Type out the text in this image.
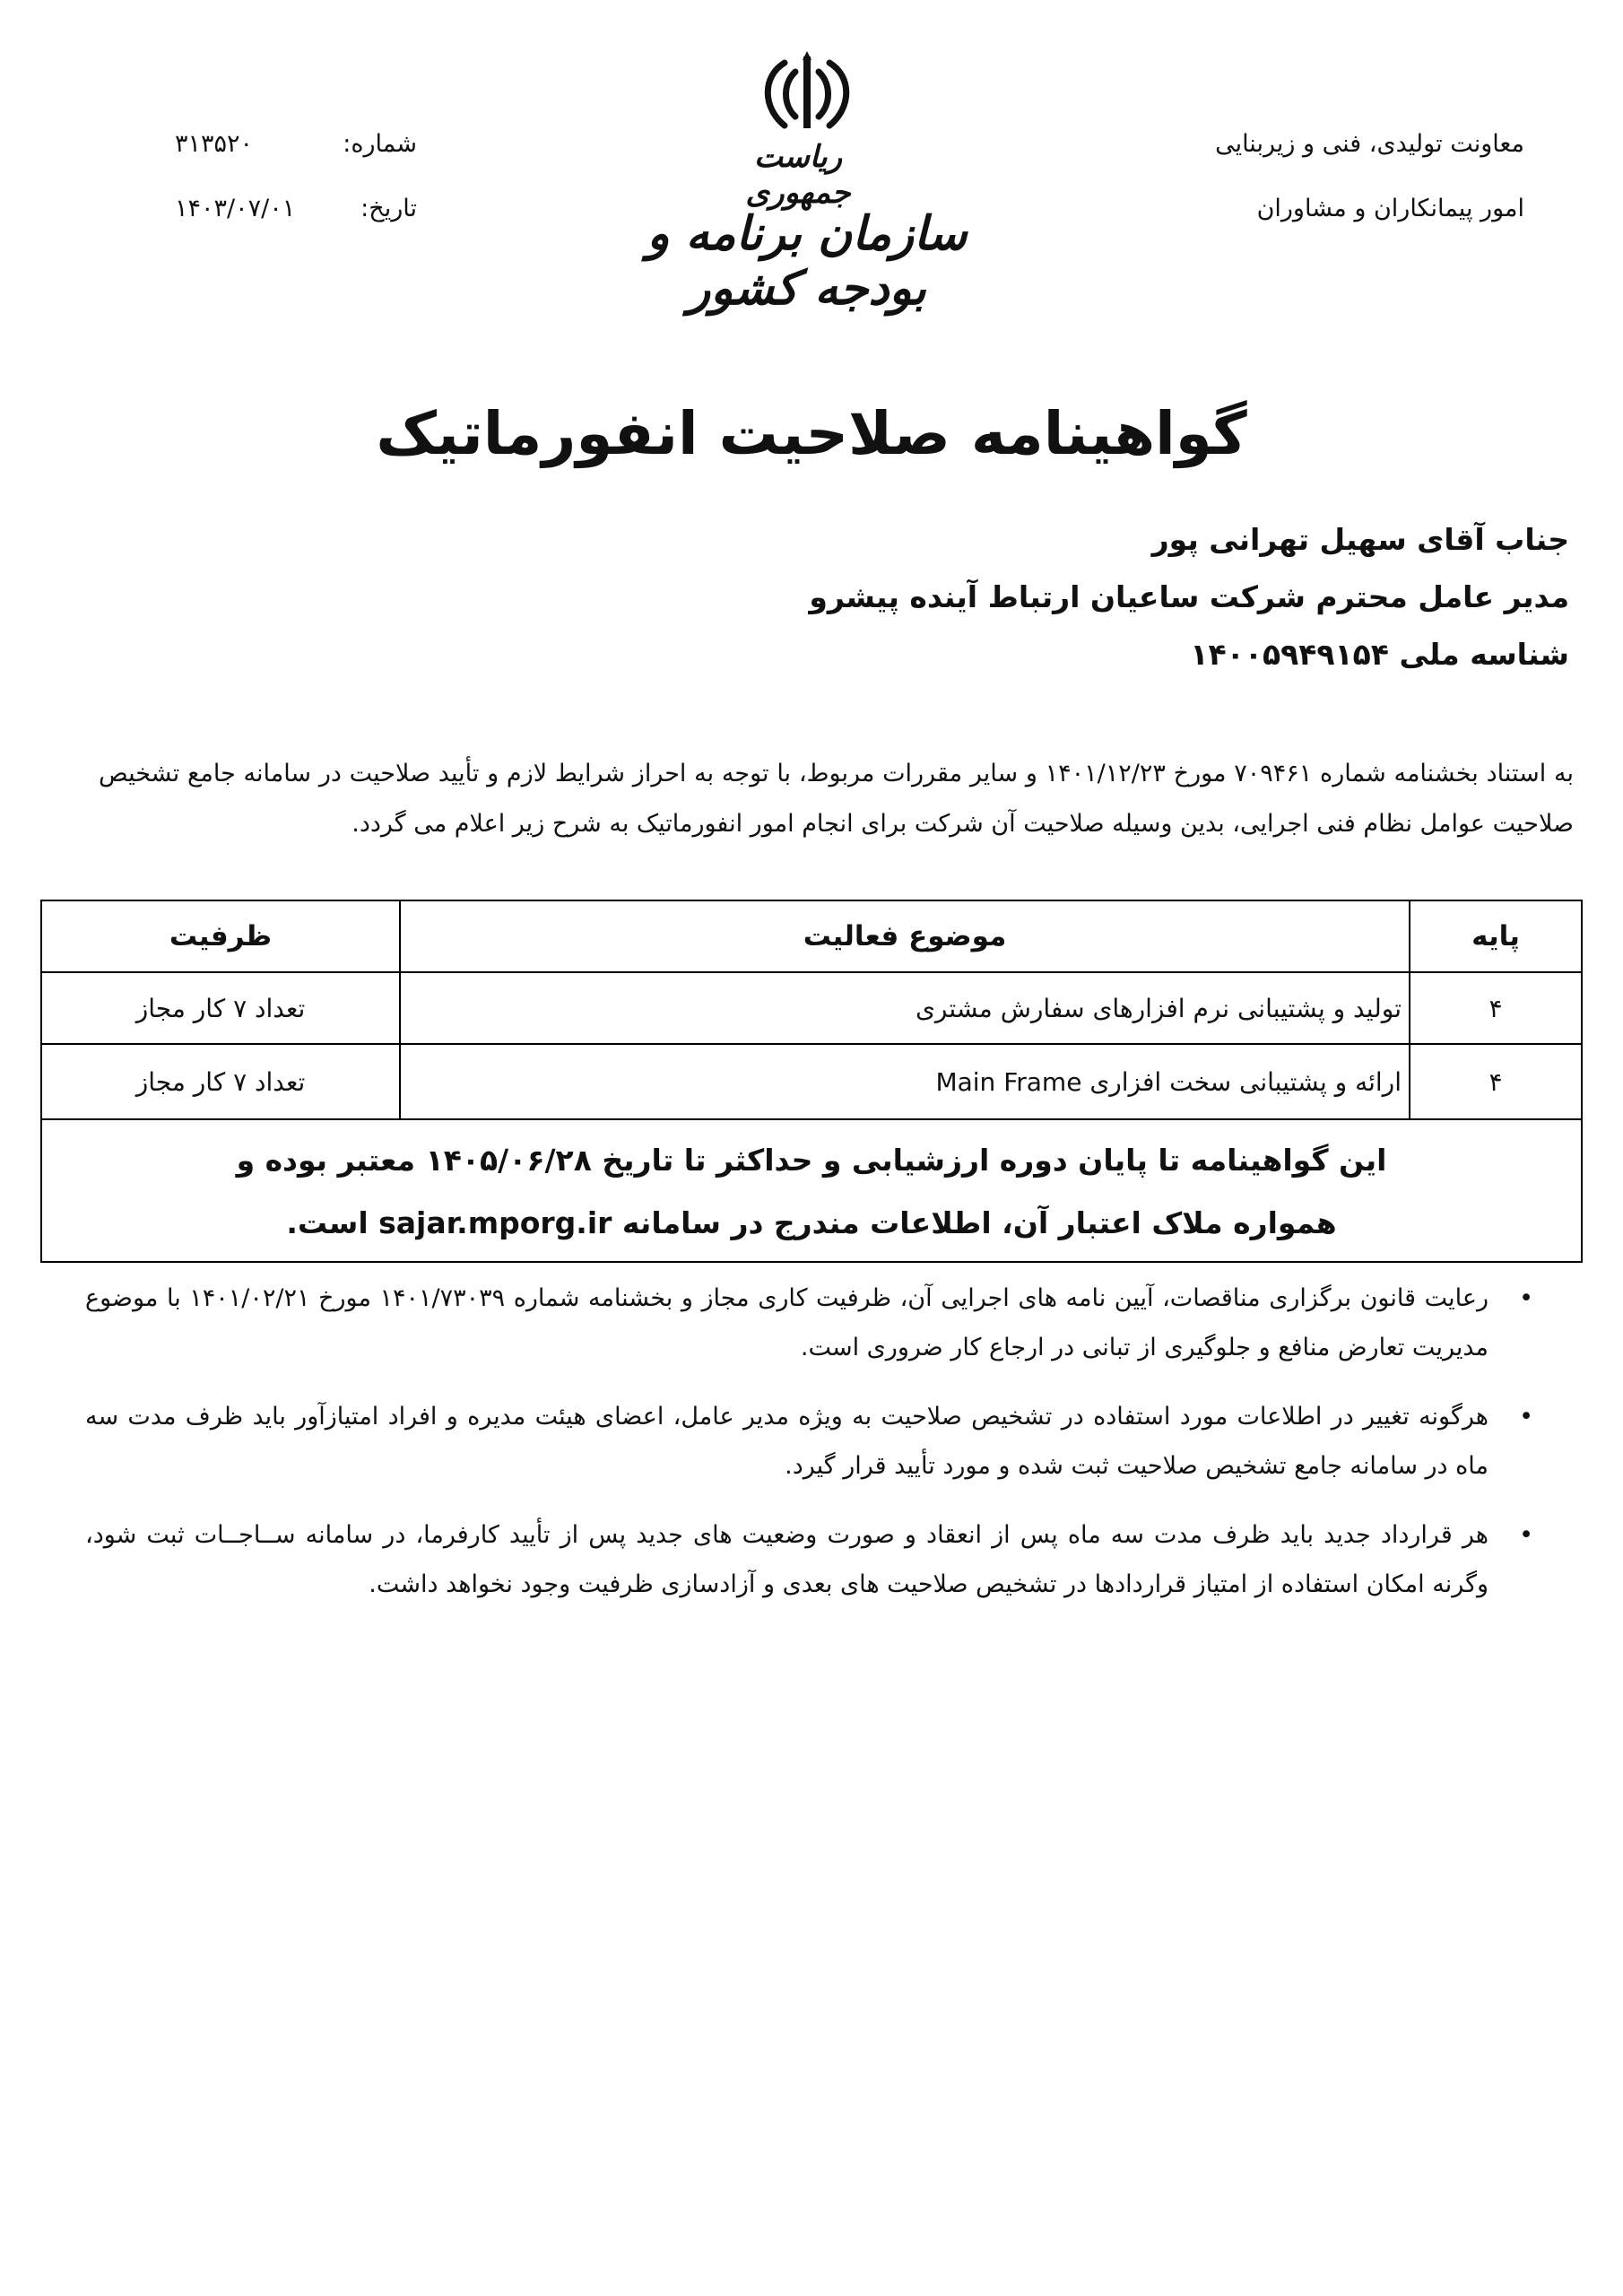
معاونت تولیدی، فنی و زیربنایی
امور پیمانکاران و مشاوران
شماره:
۳۱۳۵۲۰
تاریخ:
۱۴۰۳/۰۷/۰۱
ریاست جمهوری
سازمان برنامه و بودجه کشور
گواهینامه صلاحیت انفورماتیک
جناب آقای سهیل تهرانی پور
مدیر عامل محترم شرکت ساعیان ارتباط آینده پیشرو
شناسه ملی ۱۴۰۰۵۹۴۹۱۵۴
به استناد بخشنامه شماره ۷۰۹۴۶۱ مورخ ۱۴۰۱/۱۲/۲۳ و سایر مقررات مربوط، با توجه به احراز شرایط لازم و تأیید صلاحیت در سامانه جامع تشخیص صلاحیت عوامل نظام فنی اجرایی، بدین وسیله صلاحیت آن شرکت برای انجام امور انفورماتیک به شرح زیر اعلام می گردد.
پایه
موضوع فعالیت
ظرفیت
۴
تولید و پشتیبانی نرم افزارهای سفارش مشتری
تعداد ۷ کار مجاز
۴
ارائه و پشتیبانی سخت افزاری Main Frame
تعداد ۷ کار مجاز
این گواهینامه تا پایان دوره ارزشیابی و حداکثر تا تاریخ ۱۴۰۵/۰۶/۲۸ معتبر بوده و
همواره ملاک اعتبار آن، اطلاعات مندرج در سامانه sajar.mporg.ir است.
•
رعایت قانون برگزاری مناقصات، آیین نامه های اجرایی آن، ظرفیت کاری مجاز و بخشنامه شماره ۱۴۰۱/۷۳۰۳۹ مورخ ۱۴۰۱/۰۲/۲۱ با موضوع مدیریت تعارض منافع و جلوگیری از تبانی در ارجاع کار ضروری است.
•
هرگونه تغییر در اطلاعات مورد استفاده در تشخیص صلاحیت به ویژه مدیر عامل، اعضای هیئت مدیره و افراد امتیازآور باید ظرف مدت سه ماه در سامانه جامع تشخیص صلاحیت ثبت شده و مورد تأیید قرار گیرد.
•
هر قرارداد جدید باید ظرف مدت سه ماه پس از انعقاد و صورت وضعیت های جدید پس از تأیید کارفرما، در سامانه ســاجــات ثبت شود، وگرنه امکان استفاده از امتیاز قراردادها در تشخیص صلاحیت های بعدی و آزادسازی ظرفیت وجود نخواهد داشت.
